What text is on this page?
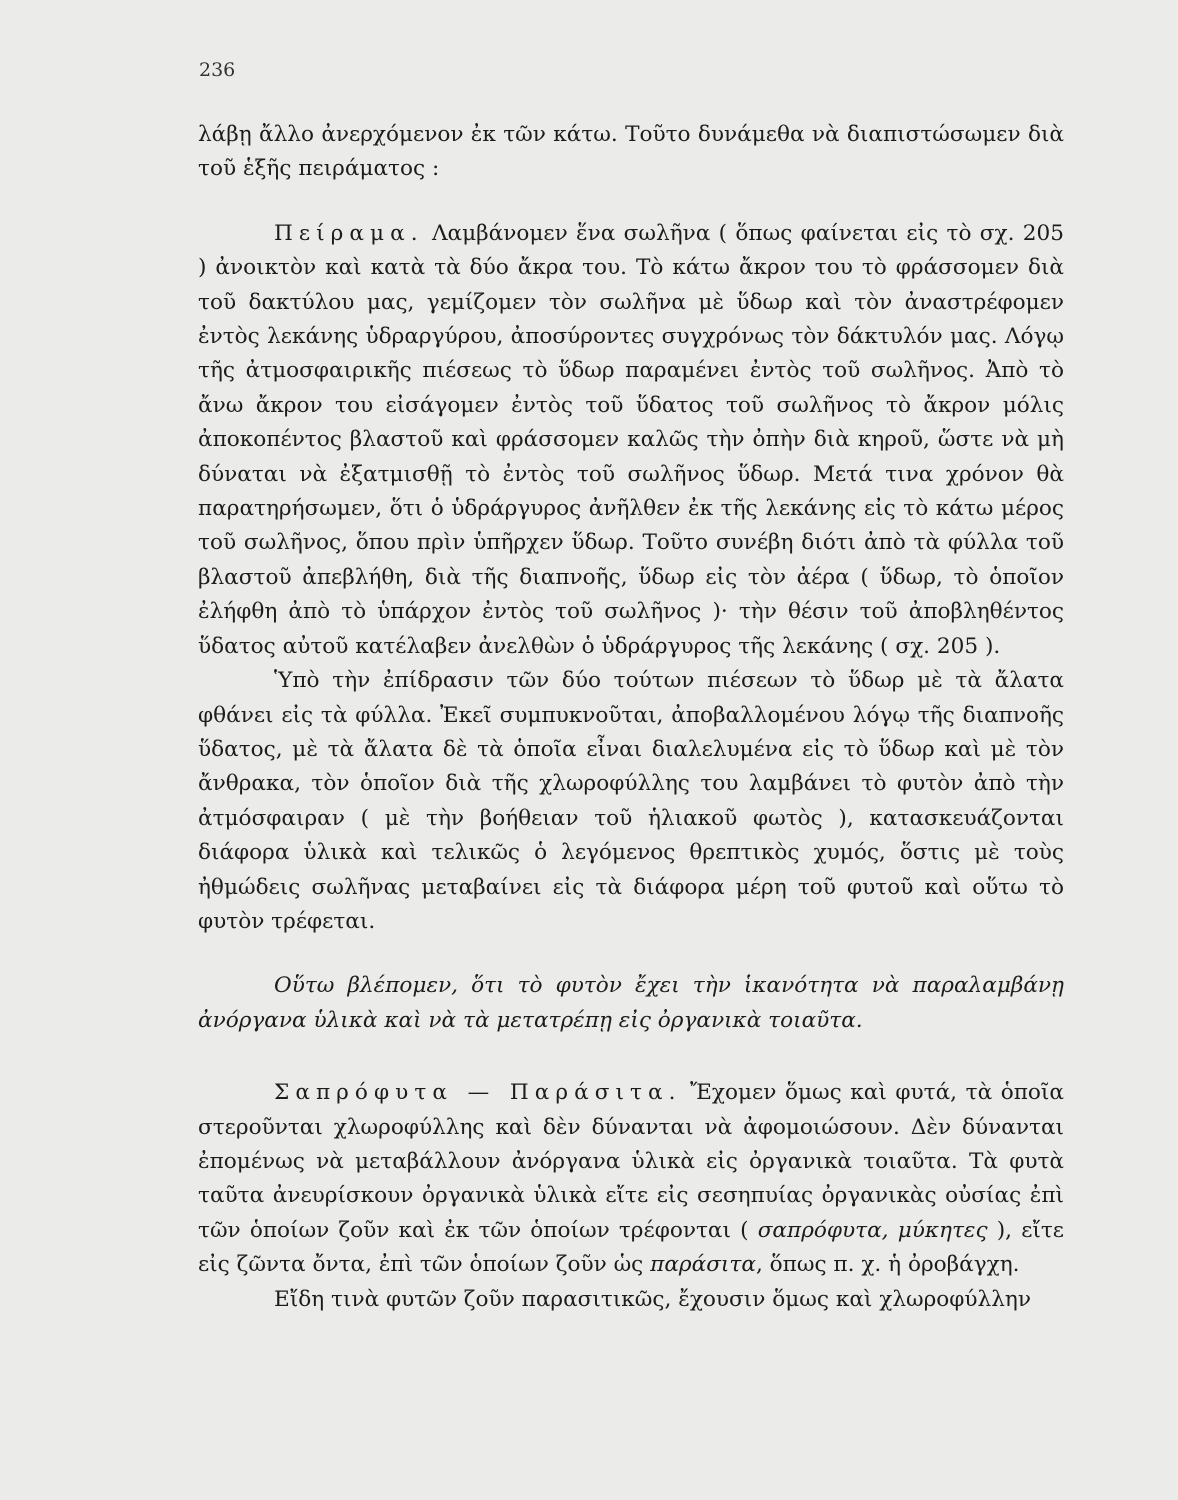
236

λάβῃ ἄλλο ἀνερχόμενον ἐκ τῶν κάτω. Τοῦτο δυνάμεθα νὰ διαπιστώσωμεν διὰ τοῦ ἑξῆς πειράματος :

Πείραμα. Λαμβάνομεν ἕνα σωλῆνα ( ὅπως φαίνεται εἰς τὸ σχ. 205 ) ἀνοικτὸν καὶ κατὰ τὰ δύο ἄκρα του. Τὸ κάτω ἄκρον του τὸ φράσσομεν διὰ τοῦ δακτύλου μας, γεμίζομεν τὸν σωλῆνα μὲ ὕδωρ καὶ τὸν ἀναστρέφομεν ἐντὸς λεκάνης ὑδραργύρου, ἀποσύροντες συγχρόνως τὸν δάκτυλόν μας. Λόγῳ τῆς ἀτμοσφαιρικῆς πιέσεως τὸ ὕδωρ παραμένει ἐντὸς τοῦ σωλῆνος. Ἀπὸ τὸ ἄνω ἄκρον του εἰσάγομεν ἐντὸς τοῦ ὕδατος τοῦ σωλῆνος τὸ ἄκρον μόλις ἀποκοπέντος βλαστοῦ καὶ φράσσομεν καλῶς τὴν ὀπὴν διὰ κηροῦ, ὥστε νὰ μὴ δύναται νὰ ἐξατμισθῇ τὸ ἐντὸς τοῦ σωλῆνος ὕδωρ. Μετά τινα χρόνον θὰ παρατηρήσωμεν, ὅτι ὁ ὑδράργυρος ἀνῆλθεν ἐκ τῆς λεκάνης εἰς τὸ κάτω μέρος τοῦ σωλῆνος, ὅπου πρὶν ὑπῆρχεν ὕδωρ. Τοῦτο συνέβη διότι ἀπὸ τὰ φύλλα τοῦ βλαστοῦ ἀπεβλήθη, διὰ τῆς διαπνοῆς, ὕδωρ εἰς τὸν ἀέρα ( ὕδωρ, τὸ ὁποῖον ἐλήφθη ἀπὸ τὸ ὑπάρχον ἐντὸς τοῦ σωλῆνος )· τὴν θέσιν τοῦ ἀποβληθέντος ὕδατος αὐτοῦ κατέλαβεν ἀνελθὼν ὁ ὑδράργυρος τῆς λεκάνης ( σχ. 205 ).

Ὑπὸ τὴν ἐπίδρασιν τῶν δύο τούτων πιέσεων τὸ ὕδωρ μὲ τὰ ἄλατα φθάνει εἰς τὰ φύλλα. Ἐκεῖ συμπυκνοῦται, ἀποβαλλομένου λόγῳ τῆς διαπνοῆς ὕδατος, μὲ τὰ ἄλατα δὲ τὰ ὁποῖα εἶναι διαλελυμένα εἰς τὸ ὕδωρ καὶ μὲ τὸν ἄνθρακα, τὸν ὁποῖον διὰ τῆς χλωροφύλλης του λαμβάνει τὸ φυτὸν ἀπὸ τὴν ἀτμόσφαιραν ( μὲ τὴν βοήθειαν τοῦ ἡλιακοῦ φωτὸς ), κατασκευάζονται διάφορα ὑλικὰ καὶ τελικῶς ὁ λεγόμενος θρεπτικὸς χυμός, ὅστις μὲ τοὺς ἠθμώδεις σωλῆνας μεταβαίνει εἰς τὰ διάφορα μέρη τοῦ φυτοῦ καὶ οὕτω τὸ φυτὸν τρέφεται.

Οὕτω βλέπομεν, ὅτι τὸ φυτὸν ἔχει τὴν ἱκανότητα νὰ παραλαμβάνῃ ἀνόργανα ὑλικὰ καὶ νὰ τὰ μετατρέπῃ εἰς ὀργανικὰ τοιαῦτα.

Σαπρόφυτα — Παράσιτα. Ἔχομεν ὅμως καὶ φυτά, τὰ ὁποῖα στεροῦνται χλωροφύλλης καὶ δὲν δύνανται νὰ ἀφομοιώσουν. Δὲν δύνανται ἐπομένως νὰ μεταβάλλουν ἀνόργανα ὑλικὰ εἰς ὀργανικὰ τοιαῦτα. Τὰ φυτὰ ταῦτα ἀνευρίσκουν ὀργανικὰ ὑλικὰ εἴτε εἰς σεσηπυίας ὀργανικὰς οὐσίας ἐπὶ τῶν ὁποίων ζοῦν καὶ ἐκ τῶν ὁποίων τρέφονται ( σαπρόφυτα, μύκητες ), εἴτε εἰς ζῶντα ὄντα, ἐπὶ τῶν ὁποίων ζοῦν ὡς παράσιτα, ὅπως π. χ. ἡ ὀροβάγχη.

Εἴδη τινὰ φυτῶν ζοῦν παρασιτικῶς, ἔχουσιν ὅμως καὶ χλωροφύλλην
